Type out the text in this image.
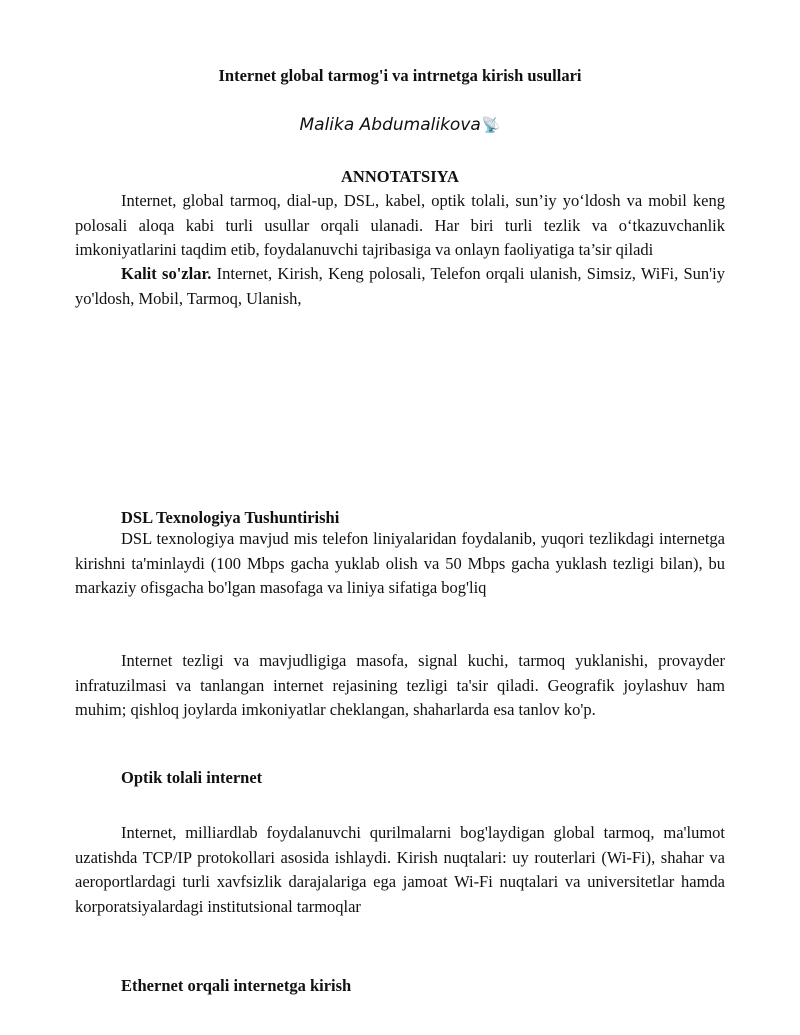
Internet global tarmog'i va intrnetga kirish usullari
Malika Abdumalikova📡
ANNOTATSIYA

Internet, global tarmoq, dial-up, DSL, kabel, optik tolali, sun’iy yo‘ldosh va mobil keng polosali aloqa kabi turli usullar orqali ulanadi. Har biri turli tezlik va o‘tkazuvchanlik imkoniyatlarini taqdim etib, foydalanuvchi tajribasiga va onlayn faoliyatiga ta’sir qiladi

Kalit so'zlar. Internet, Kirish, Keng polosali, Telefon orqali ulanish, Simsiz, WiFi, Sun'iy yo'ldosh, Mobil, Tarmoq, Ulanish,

DSL Texnologiya Tushuntirishi

DSL texnologiya mavjud mis telefon liniyalaridan foydalanib, yuqori tezlikdagi internetga kirishni ta'minlaydi (100 Mbps gacha yuklab olish va 50 Mbps gacha yuklash tezligi bilan), bu markaziy ofisgacha bo'lgan masofaga va liniya sifatiga bog'liq

Internet tezligi va mavjudligiga masofa, signal kuchi, tarmoq yuklanishi, provayder infratuzilmasi va tanlangan internet rejasining tezligi ta'sir qiladi. Geografik joylashuv ham muhim; qishloq joylarda imkoniyatlar cheklangan, shaharlarda esa tanlov ko'p.

Optik tolali internet

Internet, milliardlab foydalanuvchi qurilmalarni bog'laydigan global tarmoq, ma'lumot uzatishda TCP/IP protokollari asosida ishlaydi. Kirish nuqtalari: uy routerlari (Wi-Fi), shahar va aeroportlardagi turli xavfsizlik darajalariga ega jamoat Wi-Fi nuqtalari va universitetlar hamda korporatsiyalardagi institutsional tarmoqlar

Ethernet orqali internetga kirish
